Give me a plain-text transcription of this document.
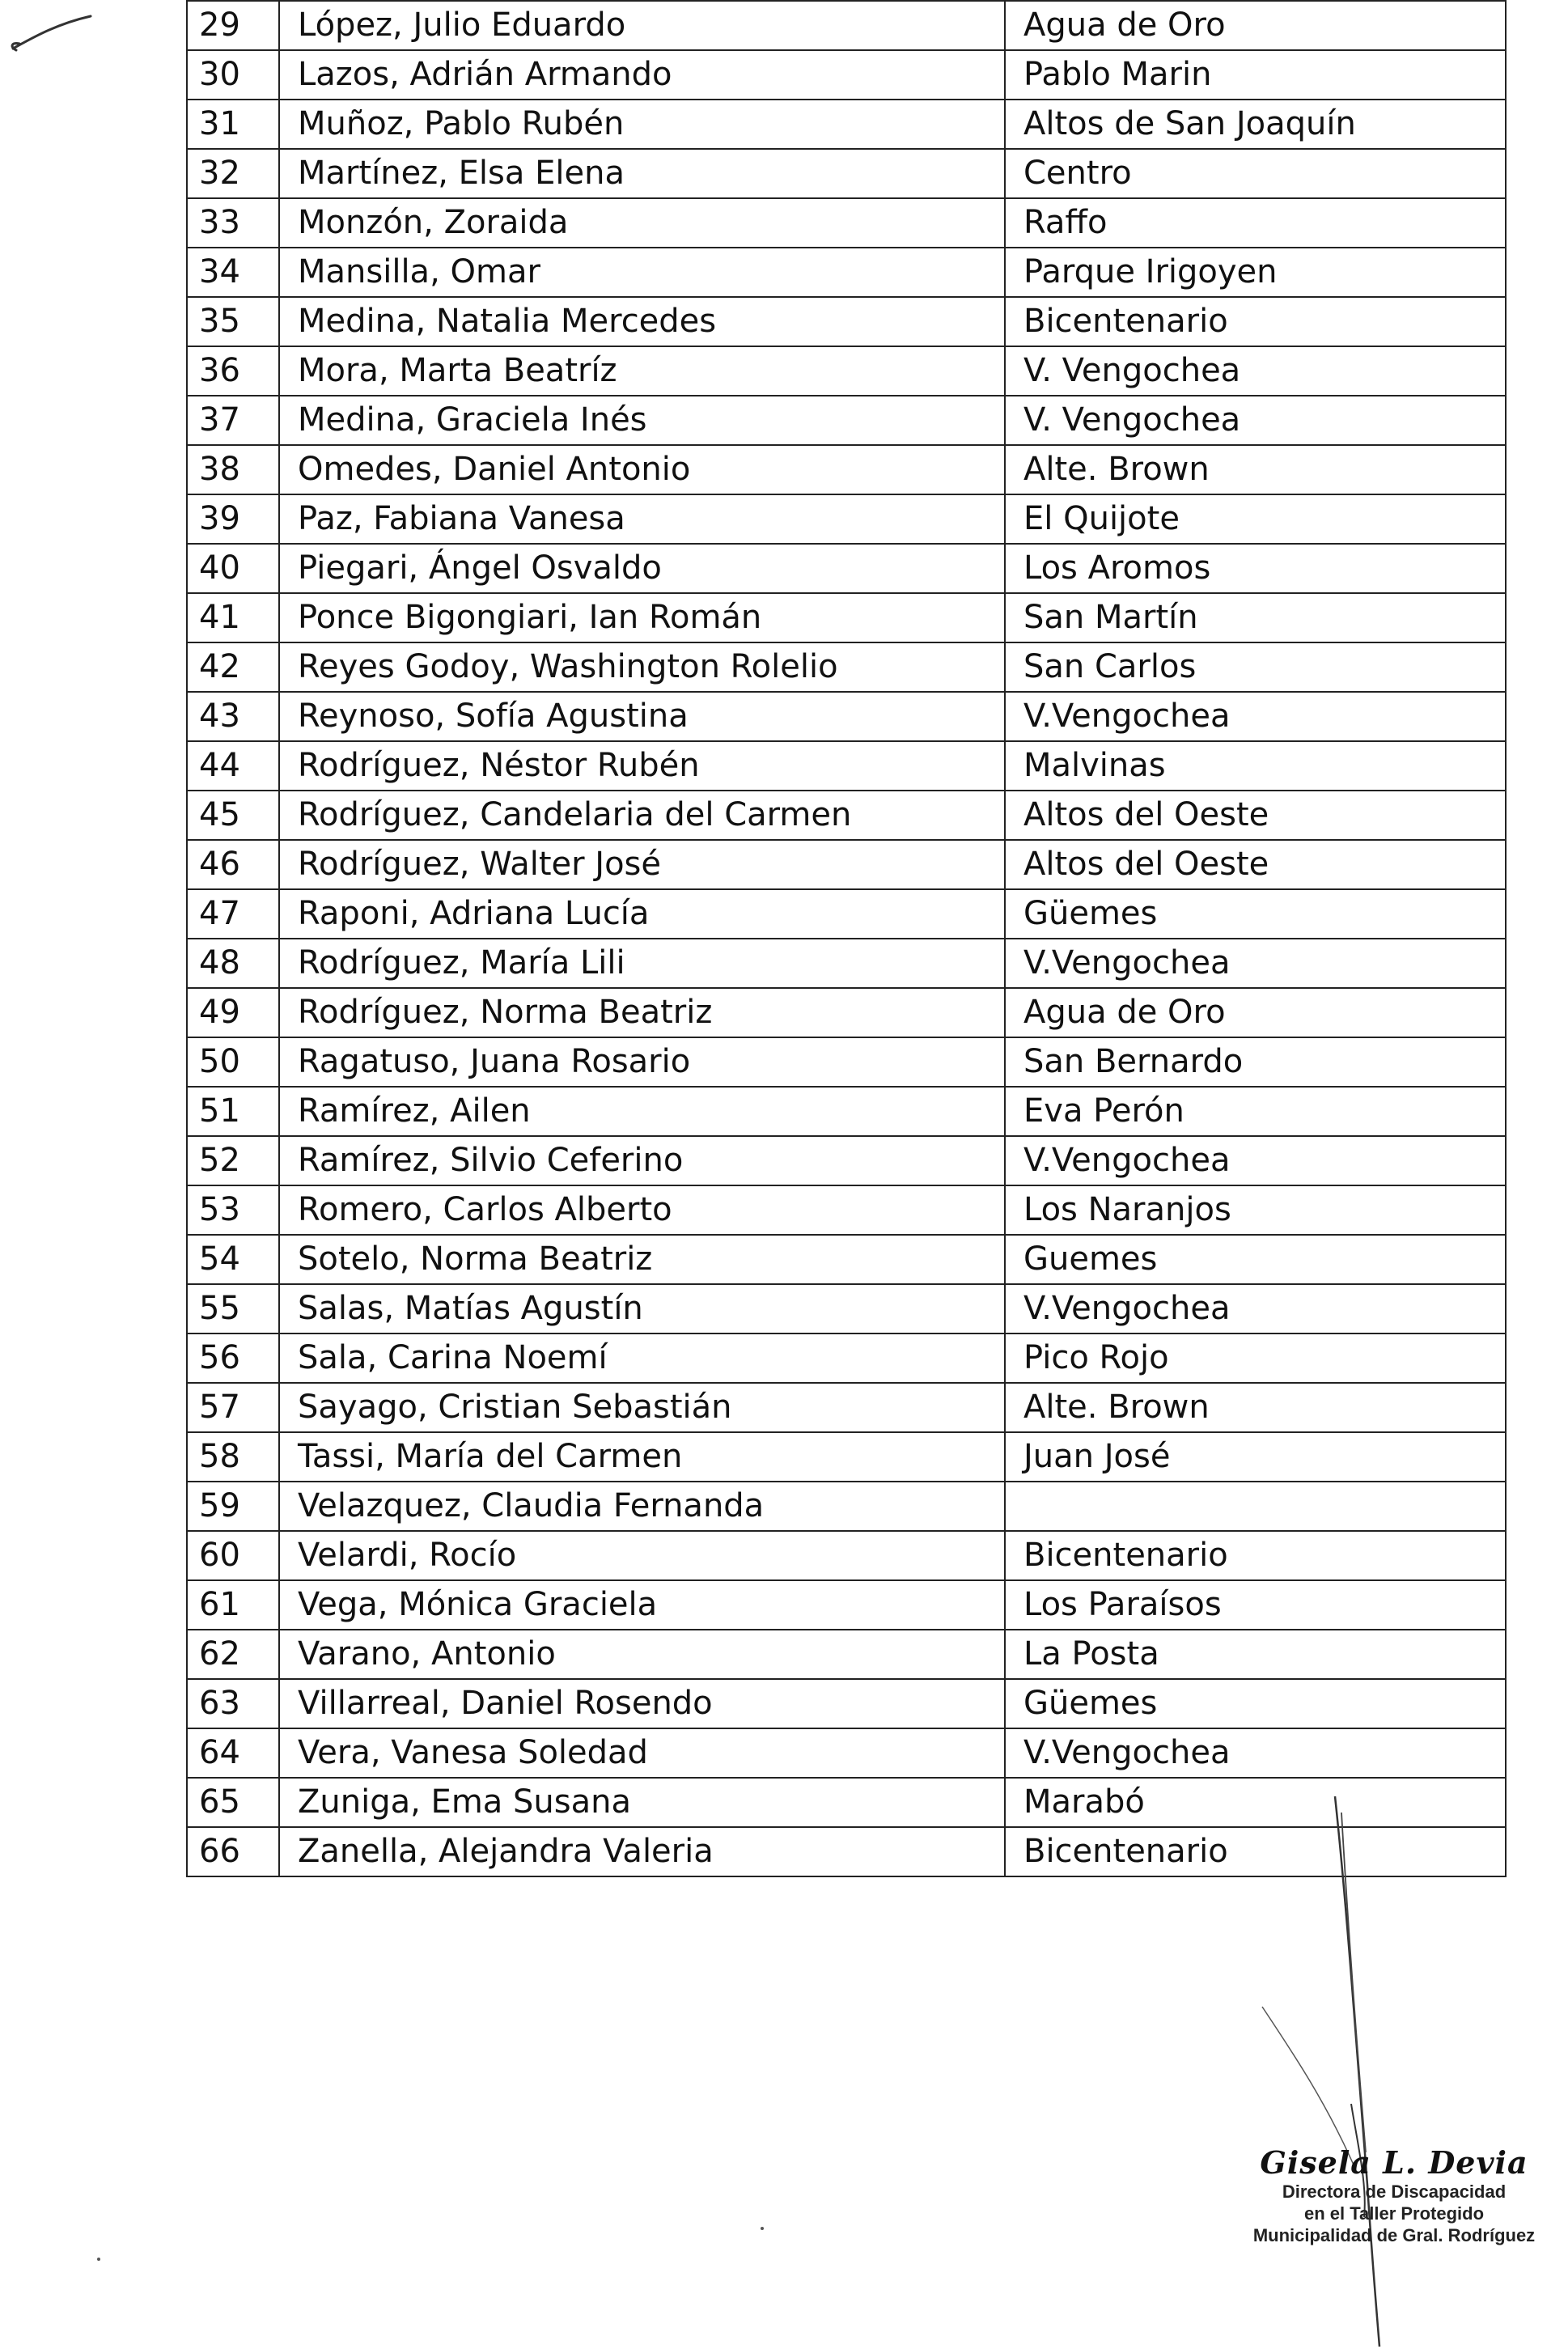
29	López, Julio Eduardo	Agua de Oro
30	Lazos, Adrián Armando	Pablo Marin
31	Muñoz, Pablo Rubén	Altos de San Joaquín
32	Martínez, Elsa Elena	Centro
33	Monzón, Zoraida	Raffo
34	Mansilla, Omar	Parque Irigoyen
35	Medina, Natalia Mercedes	Bicentenario
36	Mora, Marta Beatríz	V. Vengochea
37	Medina, Graciela Inés	V. Vengochea
38	Omedes, Daniel Antonio	Alte. Brown
39	Paz, Fabiana Vanesa	El Quijote
40	Piegari, Ángel Osvaldo	Los Aromos
41	Ponce Bigongiari, Ian Román	San Martín
42	Reyes Godoy, Washington Rolelio	San Carlos
43	Reynoso, Sofía Agustina	V.Vengochea
44	Rodríguez, Néstor Rubén	Malvinas
45	Rodríguez, Candelaria del Carmen	Altos del Oeste
46	Rodríguez, Walter José	Altos del Oeste
47	Raponi, Adriana Lucía	Güemes
48	Rodríguez, María Lili	V.Vengochea
49	Rodríguez, Norma Beatriz	Agua de Oro
50	Ragatuso, Juana Rosario	San Bernardo
51	Ramírez, Ailen	Eva Perón
52	Ramírez, Silvio Ceferino	V.Vengochea
53	Romero, Carlos Alberto	Los Naranjos
54	Sotelo, Norma Beatriz	Guemes
55	Salas, Matías Agustín	V.Vengochea
56	Sala, Carina Noemí	Pico Rojo
57	Sayago, Cristian Sebastián	Alte. Brown
58	Tassi, María del Carmen	Juan José
59	Velazquez, Claudia Fernanda	
60	Velardi, Rocío	Bicentenario
61	Vega, Mónica Graciela	Los Paraísos
62	Varano, Antonio	La Posta
63	Villarreal, Daniel Rosendo	Güemes
64	Vera, Vanesa Soledad	V.Vengochea
65	Zuniga, Ema Susana	Marabó
66	Zanella, Alejandra Valeria	Bicentenario
Gisela L. Devia
Directora de Discapacidad
en el Taller Protegido
Municipalidad de Gral. Rodríguez
